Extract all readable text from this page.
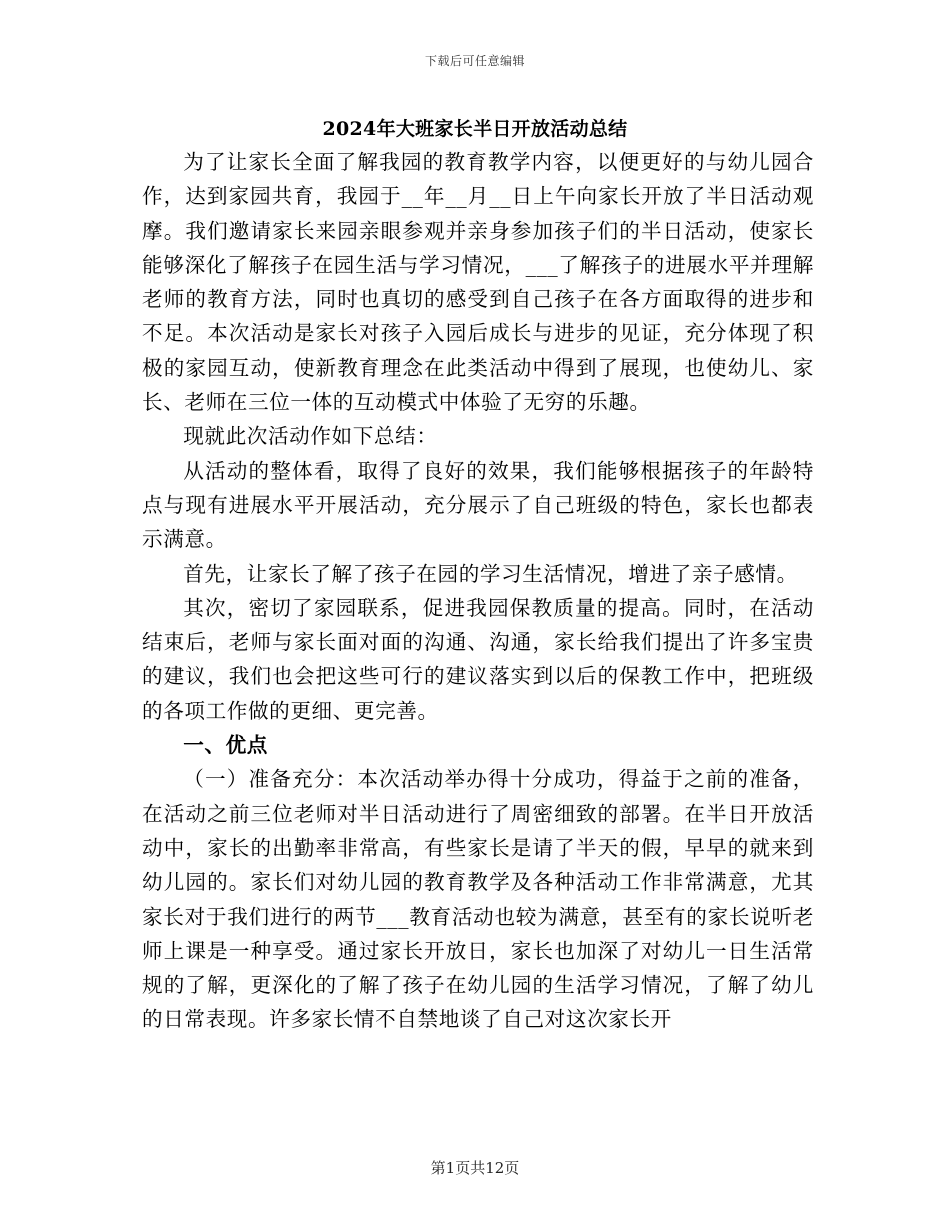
下载后可任意编辑
2024年大班家长半日开放活动总结

为了让家长全面了解我园的教育教学内容，以便更好的与幼儿园合作，达到家园共育，我园于__年__月__日上午向家长开放了半日活动观摩。我们邀请家长来园亲眼参观并亲身参加孩子们的半日活动，使家长能够深化了解孩子在园生活与学习情况，___了解孩子的进展水平并理解老师的教育方法，同时也真切的感受到自己孩子在各方面取得的进步和不足。本次活动是家长对孩子入园后成长与进步的见证，充分体现了积极的家园互动，使新教育理念在此类活动中得到了展现，也使幼儿、家长、老师在三位一体的互动模式中体验了无穷的乐趣。

现就此次活动作如下总结：

从活动的整体看，取得了良好的效果，我们能够根据孩子的年龄特点与现有进展水平开展活动，充分展示了自己班级的特色，家长也都表示满意。

首先，让家长了解了孩子在园的学习生活情况，增进了亲子感情。

其次，密切了家园联系，促进我园保教质量的提高。同时，在活动结束后，老师与家长面对面的沟通、沟通，家长给我们提出了许多宝贵的建议，我们也会把这些可行的建议落实到以后的保教工作中，把班级的各项工作做的更细、更完善。

一、优点

（一）准备充分：本次活动举办得十分成功，得益于之前的准备，在活动之前三位老师对半日活动进行了周密细致的部署。在半日开放活动中，家长的出勤率非常高，有些家长是请了半天的假，早早的就来到幼儿园的。家长们对幼儿园的教育教学及各种活动工作非常满意，尤其家长对于我们进行的两节___教育活动也较为满意，甚至有的家长说听老师上课是一种享受。通过家长开放日，家长也加深了对幼儿一日生活常规的了解，更深化的了解了孩子在幼儿园的生活学习情况，了解了幼儿的日常表现。许多家长情不自禁地谈了自己对这次家长开

第1页共12页
